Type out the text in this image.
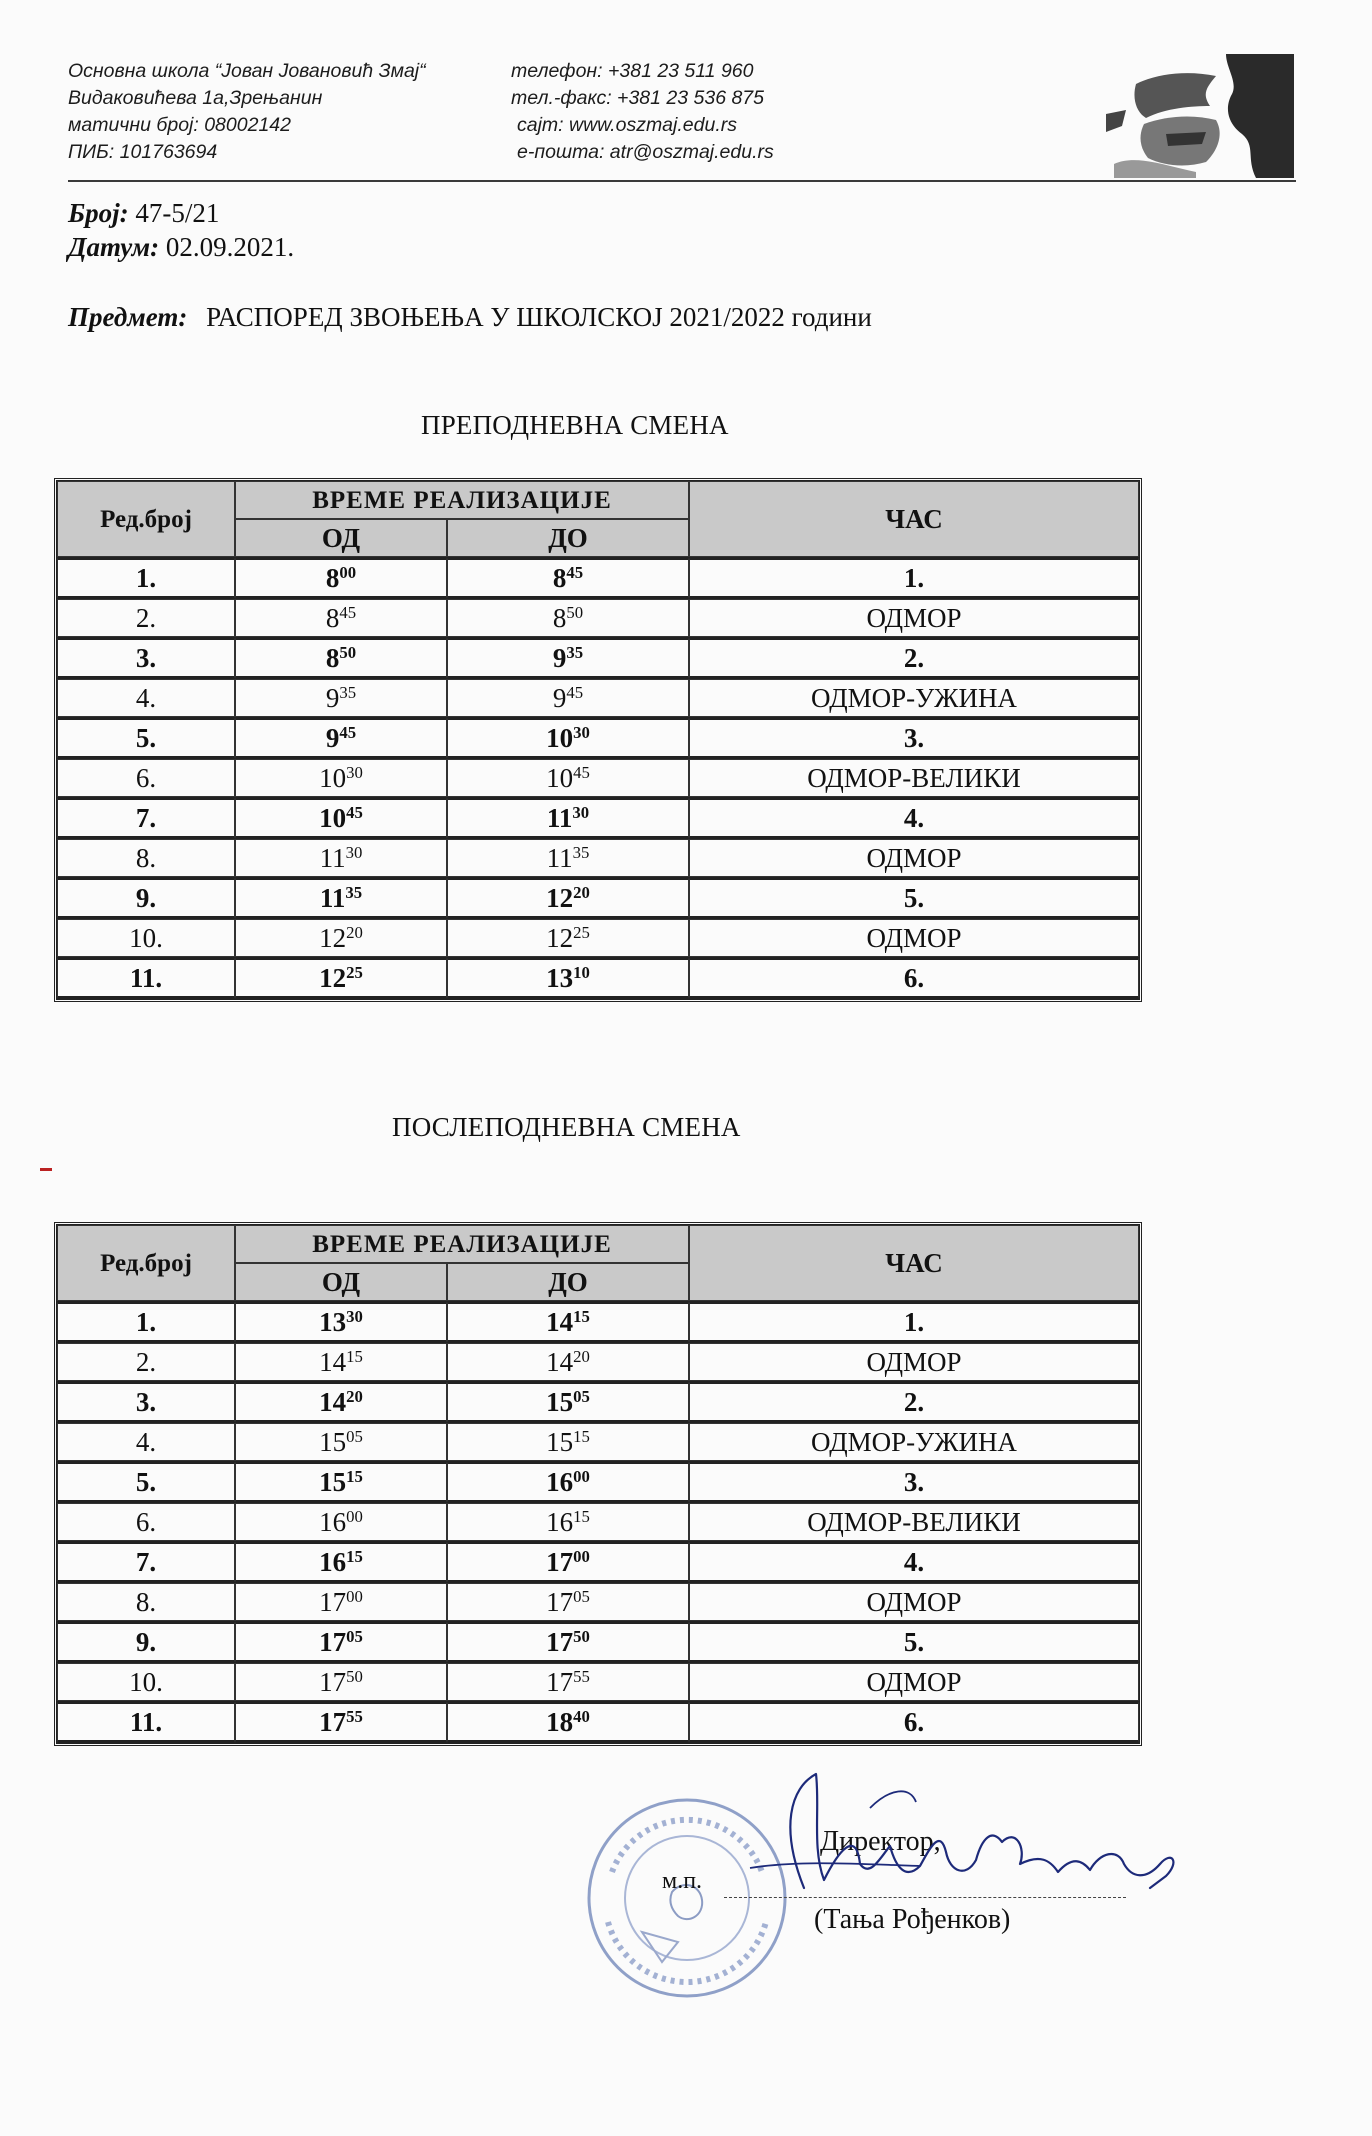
Основна школа “Јован Јовановић Змај“
Видаковићева 1а,Зрењанин
матични број: 08002142
ПИБ: 101763694
телефон: +381 23 511 960
тел.-факс: +381 23 536 875
сајт: www.oszmaj.edu.rs
е-пошта: atr@oszmaj.edu.rs
Број: 47-5/21
Датум: 02.09.2021.
Предмет: РАСПОРЕД ЗВОЊЕЊА У ШКОЛСКОЈ 2021/2022 години
ПРЕПОДНЕВНА СМЕНА
Ред.број	ВРЕМЕ РЕАЛИЗАЦИЈЕ		ЧАС
	ОД	ДО	
1.	$8^{00}$	$8^{45}$	1.
2.	$8^{45}$	$8^{50}$	ОДМОР
3.	$8^{50}$	$9^{35}$	2.
4.	$9^{35}$	$9^{45}$	ОДМОР-УЖИНА
5.	$9^{45}$	$10^{30}$	3.
6.	$10^{30}$	$10^{45}$	ОДМОР-ВЕЛИКИ
7.	$10^{45}$	$11^{30}$	4.
8.	$11^{30}$	$11^{35}$	ОДМОР
9.	$11^{35}$	$12^{20}$	5.
10.	$12^{20}$	$12^{25}$	ОДМОР
11.	$12^{25}$	$13^{10}$	6.
ПОСЛЕПОДНЕВНА СМЕНА
Ред.број	ВРЕМЕ РЕАЛИЗАЦИЈЕ		ЧАС
	ОД	ДО	
1.	$13^{30}$	$14^{15}$	1.
2.	$14^{15}$	$14^{20}$	ОДМОР
3.	$14^{20}$	$15^{05}$	2.
4.	$15^{05}$	$15^{15}$	ОДМОР-УЖИНА
5.	$15^{15}$	$16^{00}$	3.
6.	$16^{00}$	$16^{15}$	ОДМОР-ВЕЛИКИ
7.	$16^{15}$	$17^{00}$	4.
8.	$17^{00}$	$17^{05}$	ОДМОР
9.	$17^{05}$	$17^{50}$	5.
10.	$17^{50}$	$17^{55}$	ОДМОР
11.	$17^{55}$	$18^{40}$	6.
Директор,
м.п.
(Тања Рођенков)
